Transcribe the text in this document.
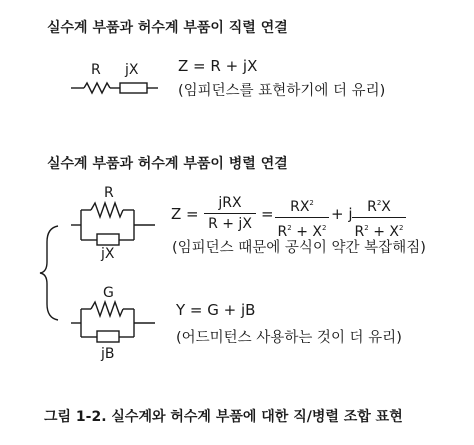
실수계 부품과 허수계 부품이 직렬 연결
R jX	Z = R + jX
(임피던스를 표현하기에 더 유리)
실수계 부품과 허수계 부품이 병렬 연결
R
jX
Z =
jRX
R + jX
=	$RX^2$
$R^2 + X^2$
+ j	$R^2X$
$R^2 + X^2$
(임피던스 때문에 공식이 약간 복잡해짐)
G
jB
Y = G + jB
(어드미턴스 사용하는 것이 더 유리)
그림 1-2. 실수계와 허수계 부품에 대한 직/병렬 조합 표현
